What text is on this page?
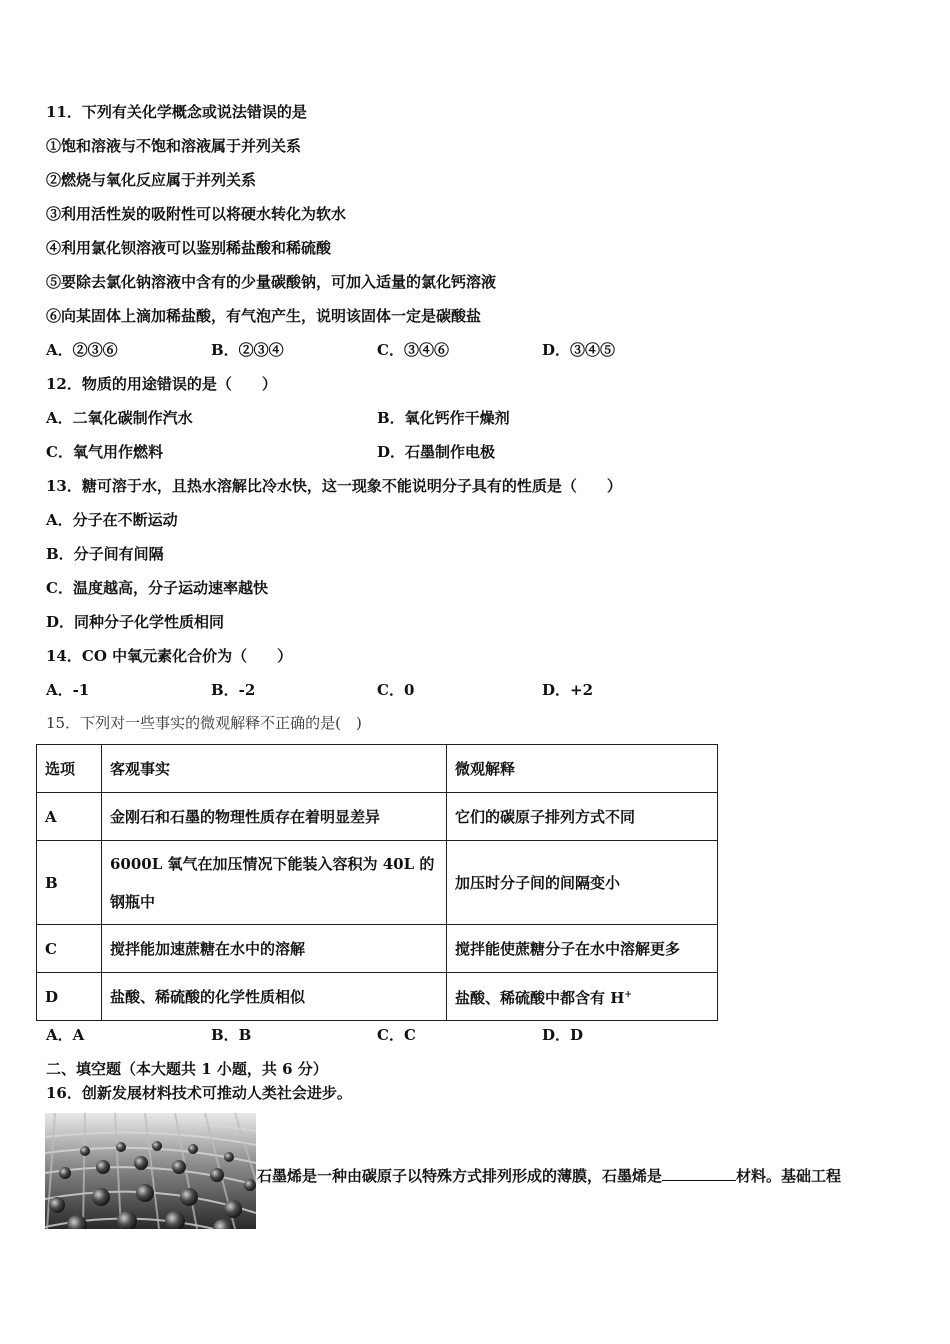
11．下列有关化学概念或说法错误的是
①饱和溶液与不饱和溶液属于并列关系
②燃烧与氧化反应属于并列关系
③利用活性炭的吸附性可以将硬水转化为软水
④利用氯化钡溶液可以鉴别稀盐酸和稀硫酸
⑤要除去氯化钠溶液中含有的少量碳酸钠，可加入适量的氯化钙溶液
⑥向某固体上滴加稀盐酸，有气泡产生，说明该固体一定是碳酸盐
A．②③⑥	B．②③④	C．③④⑥	D．③④⑤
12．物质的用途错误的是（　　）
A．二氧化碳制作汽水	B．氧化钙作干燥剂
C．氧气用作燃料	D．石墨制作电极
13．糖可溶于水，且热水溶解比冷水快，这一现象不能说明分子具有的性质是（　　）
A．分子在不断运动
B．分子间有间隔
C．温度越高，分子运动速率越快
D．同种分子化学性质相同
14．CO 中氧元素化合价为（　　）
A．-1	B．-2	C．0	D．+2
15．下列对一些事实的微观解释不正确的是(　)
选项	客观事实	微观解释
A	金刚石和石墨的物理性质存在着明显差异	它们的碳原子排列方式不同
B	6000L 氧气在加压情况下能装入容积为 40L 的钢瓶中	加压时分子间的间隔变小
C	搅拌能加速蔗糖在水中的溶解	搅拌能使蔗糖分子在水中溶解更多
D	盐酸、稀硫酸的化学性质相似	盐酸、稀硫酸中都含有 H+
A．A	B．B	C．C	D．D
二、填空题（本大题共 1 小题，共 6 分）
16．创新发展材料技术可推动人类社会进步。
石墨烯是一种由碳原子以特殊方式排列形成的薄膜，石墨烯是	材料。基础工程
